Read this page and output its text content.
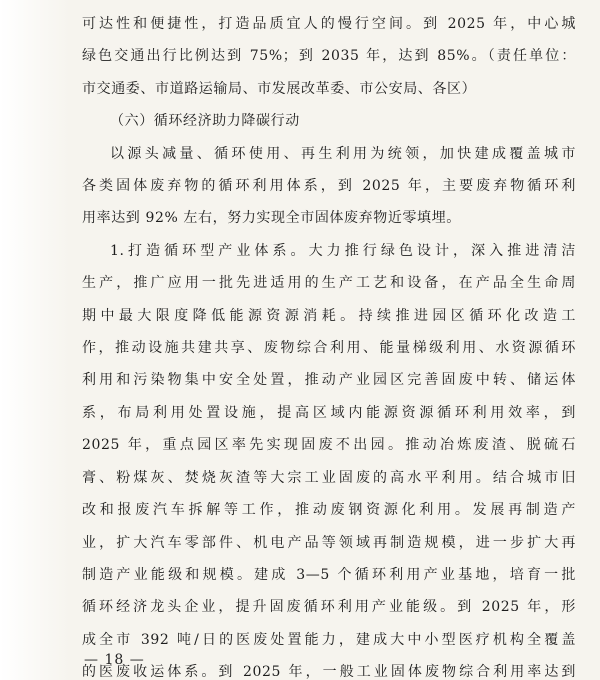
可达性和便捷性，打造品质宜人的慢行空间。到 2025 年，中心城
绿色交通出行比例达到 75%；到 2035 年，达到 85%。（责任单位：
市交通委、市道路运输局、市发展改革委、市公安局、各区）
（六）循环经济助力降碳行动
以源头减量、循环使用、再生利用为统领，加快建成覆盖城市
各类固体废弃物的循环利用体系，到 2025 年，主要废弃物循环利
用率达到 92% 左右，努力实现全市固体废弃物近零填埋。
1.打造循环型产业体系。大力推行绿色设计，深入推进清洁
生产，推广应用一批先进适用的生产工艺和设备，在产品全生命周
期中最大限度降低能源资源消耗。持续推进园区循环化改造工
作，推动设施共建共享、废物综合利用、能量梯级利用、水资源循环
利用和污染物集中安全处置，推动产业园区完善固废中转、储运体
系，布局利用处置设施，提高区域内能源资源循环利用效率，到
2025 年，重点园区率先实现固废不出园。推动冶炼废渣、脱硫石
膏、粉煤灰、焚烧灰渣等大宗工业固废的高水平利用。结合城市旧
改和报废汽车拆解等工作，推动废钢资源化利用。发展再制造产
业，扩大汽车零部件、机电产品等领域再制造规模，进一步扩大再
制造产业能级和规模。建成 3—5 个循环利用产业基地，培育一批
循环经济龙头企业，提升固废循环利用产业能级。到 2025 年，形
成全市 392 吨/日的医废处置能力，建成大中小型医疗机构全覆盖
的医废收运体系。到 2025 年，一般工业固体废物综合利用率达到
— 18 —
